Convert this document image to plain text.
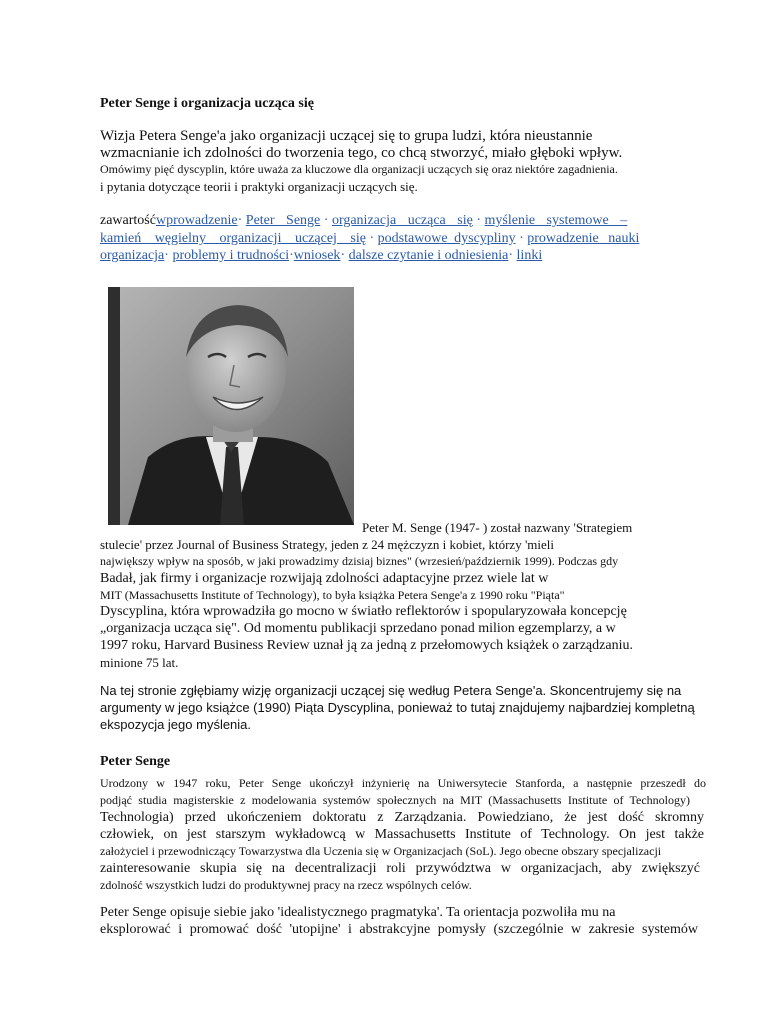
Peter Senge i organizacja ucząca się
Wizja Petera Senge'a jako organizacji uczącej się to grupa ludzi, która nieustannie
wzmacnianie ich zdolności do tworzenia tego, co chcą stworzyć, miało głęboki wpływ.
Omówimy pięć dyscyplin, które uważa za kluczowe dla organizacji uczących się oraz niektóre zagadnienia.
i pytania dotyczące teorii i praktyki organizacji uczących się.
zawartośćwprowadzenie· Peter Senge · organizacja ucząca się · myślenie systemowe –
kamień węgielny organizacji uczącej się · podstawowe dyscypliny · prowadzenie nauki
organizacja· problemy i trudności·wniosek· dalsze czytanie i odniesienia· linki
Peter M. Senge (1947- ) został nazwany 'Strategiem
stulecie' przez Journal of Business Strategy, jeden z 24 mężczyzn i kobiet, którzy 'mieli
największy wpływ na sposób, w jaki prowadzimy dzisiaj biznes" (wrzesień/październik 1999). Podczas gdy
Badał, jak firmy i organizacje rozwijają zdolności adaptacyjne przez wiele lat w
MIT (Massachusetts Institute of Technology), to była książka Petera Senge'a z 1990 roku "Piąta"
Dyscyplina, która wprowadziła go mocno w światło reflektorów i spopularyzowała koncepcję
„organizacja ucząca się". Od momentu publikacji sprzedano ponad milion egzemplarzy, a w
1997 roku, Harvard Business Review uznał ją za jedną z przełomowych książek o zarządzaniu.
minione 75 lat.
Na tej stronie zgłębiamy wizję organizacji uczącej się według Petera Senge'a. Skoncentrujemy się na
argumenty w jego książce (1990) Piąta Dyscyplina, ponieważ to tutaj znajdujemy najbardziej kompletną
ekspozycja jego myślenia.
Peter Senge
Urodzony w 1947 roku, Peter Senge ukończył inżynierię na Uniwersytecie Stanforda, a następnie przeszedł do
podjąć studia magisterskie z modelowania systemów społecznych na MIT (Massachusetts Institute of Technology)
Technologia) przed ukończeniem doktoratu z Zarządzania. Powiedziano, że jest dość skromny
człowiek, on jest starszym wykładowcą w Massachusetts Institute of Technology. On jest także
założyciel i przewodniczący Towarzystwa dla Uczenia się w Organizacjach (SoL). Jego obecne obszary specjalizacji
zainteresowanie skupia się na decentralizacji roli przywództwa w organizacjach, aby zwiększyć
zdolność wszystkich ludzi do produktywnej pracy na rzecz wspólnych celów.
Peter Senge opisuje siebie jako 'idealistycznego pragmatyka'. Ta orientacja pozwoliła mu na
eksplorować i promować dość 'utopijne' i abstrakcyjne pomysły (szczególnie w zakresie systemów
